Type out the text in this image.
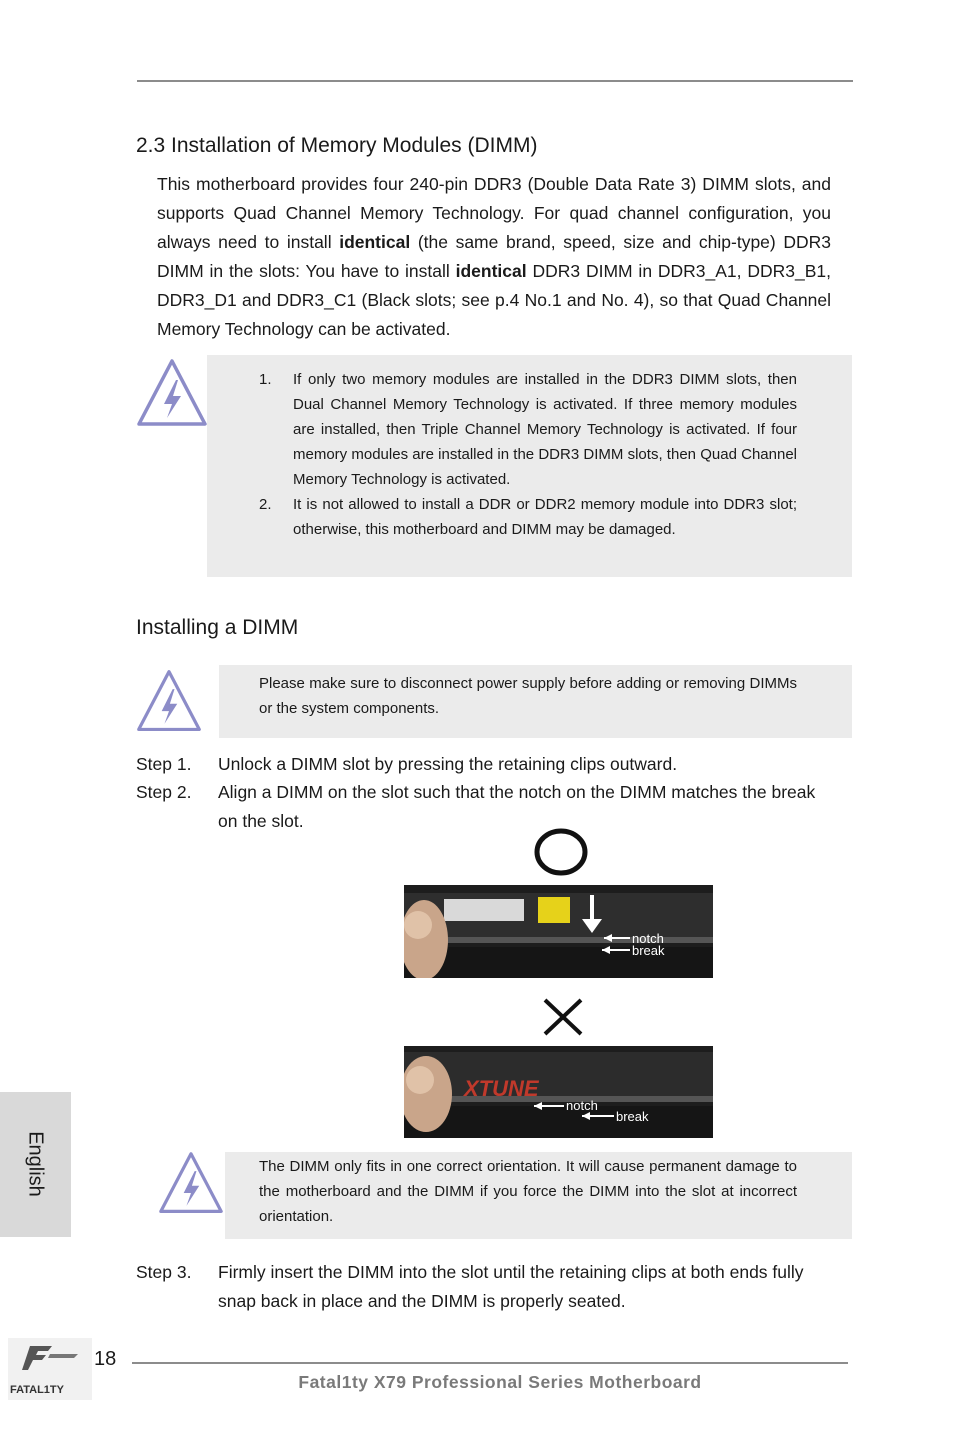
2.3 Installation of Memory Modules (DIMM)

This motherboard provides four 240-pin DDR3 (Double Data Rate 3) DIMM slots, and supports Quad Channel Memory Technology. For quad channel configuration, you always need to install identical (the same brand, speed, size and chip-type) DDR3 DIMM in the slots: You have to install identical DDR3 DIMM in DDR3_A1, DDR3_B1, DDR3_D1 and DDR3_C1 (Black slots; see p.4 No.1 and No. 4), so that Quad Channel Memory Technology can be activated.

1.	If only two memory modules are installed in the DDR3 DIMM slots, then Dual Channel Memory Technology is activated. If three memory modules are installed, then Triple Channel Memory Technology is activated. If four memory modules are installed in the DDR3 DIMM slots, then Quad Channel Memory Technology is activated.
2.	It is not allowed to install a DDR or DDR2 memory module into DDR3 slot; otherwise, this motherboard and DIMM may be damaged.
Installing a DIMM
Please make sure to disconnect power supply before adding or removing DIMMs or the system components.
Step 1.	Unlock a DIMM slot by pressing the retaining clips outward.
Step 2.	Align a DIMM on the slot such that the notch on the DIMM matches the break on the slot.
notch
break
XTUNE
notch
break
The DIMM only fits in one correct orientation. It will cause permanent damage to the motherboard and the DIMM if you force the DIMM into the slot at incorrect orientation.
Step 3.	Firmly insert the DIMM into the slot until the retaining clips at both ends fully snap back in place and the DIMM is properly seated.
English
FATAL1TY
18
Fatal1ty X79 Professional Series Motherboard
